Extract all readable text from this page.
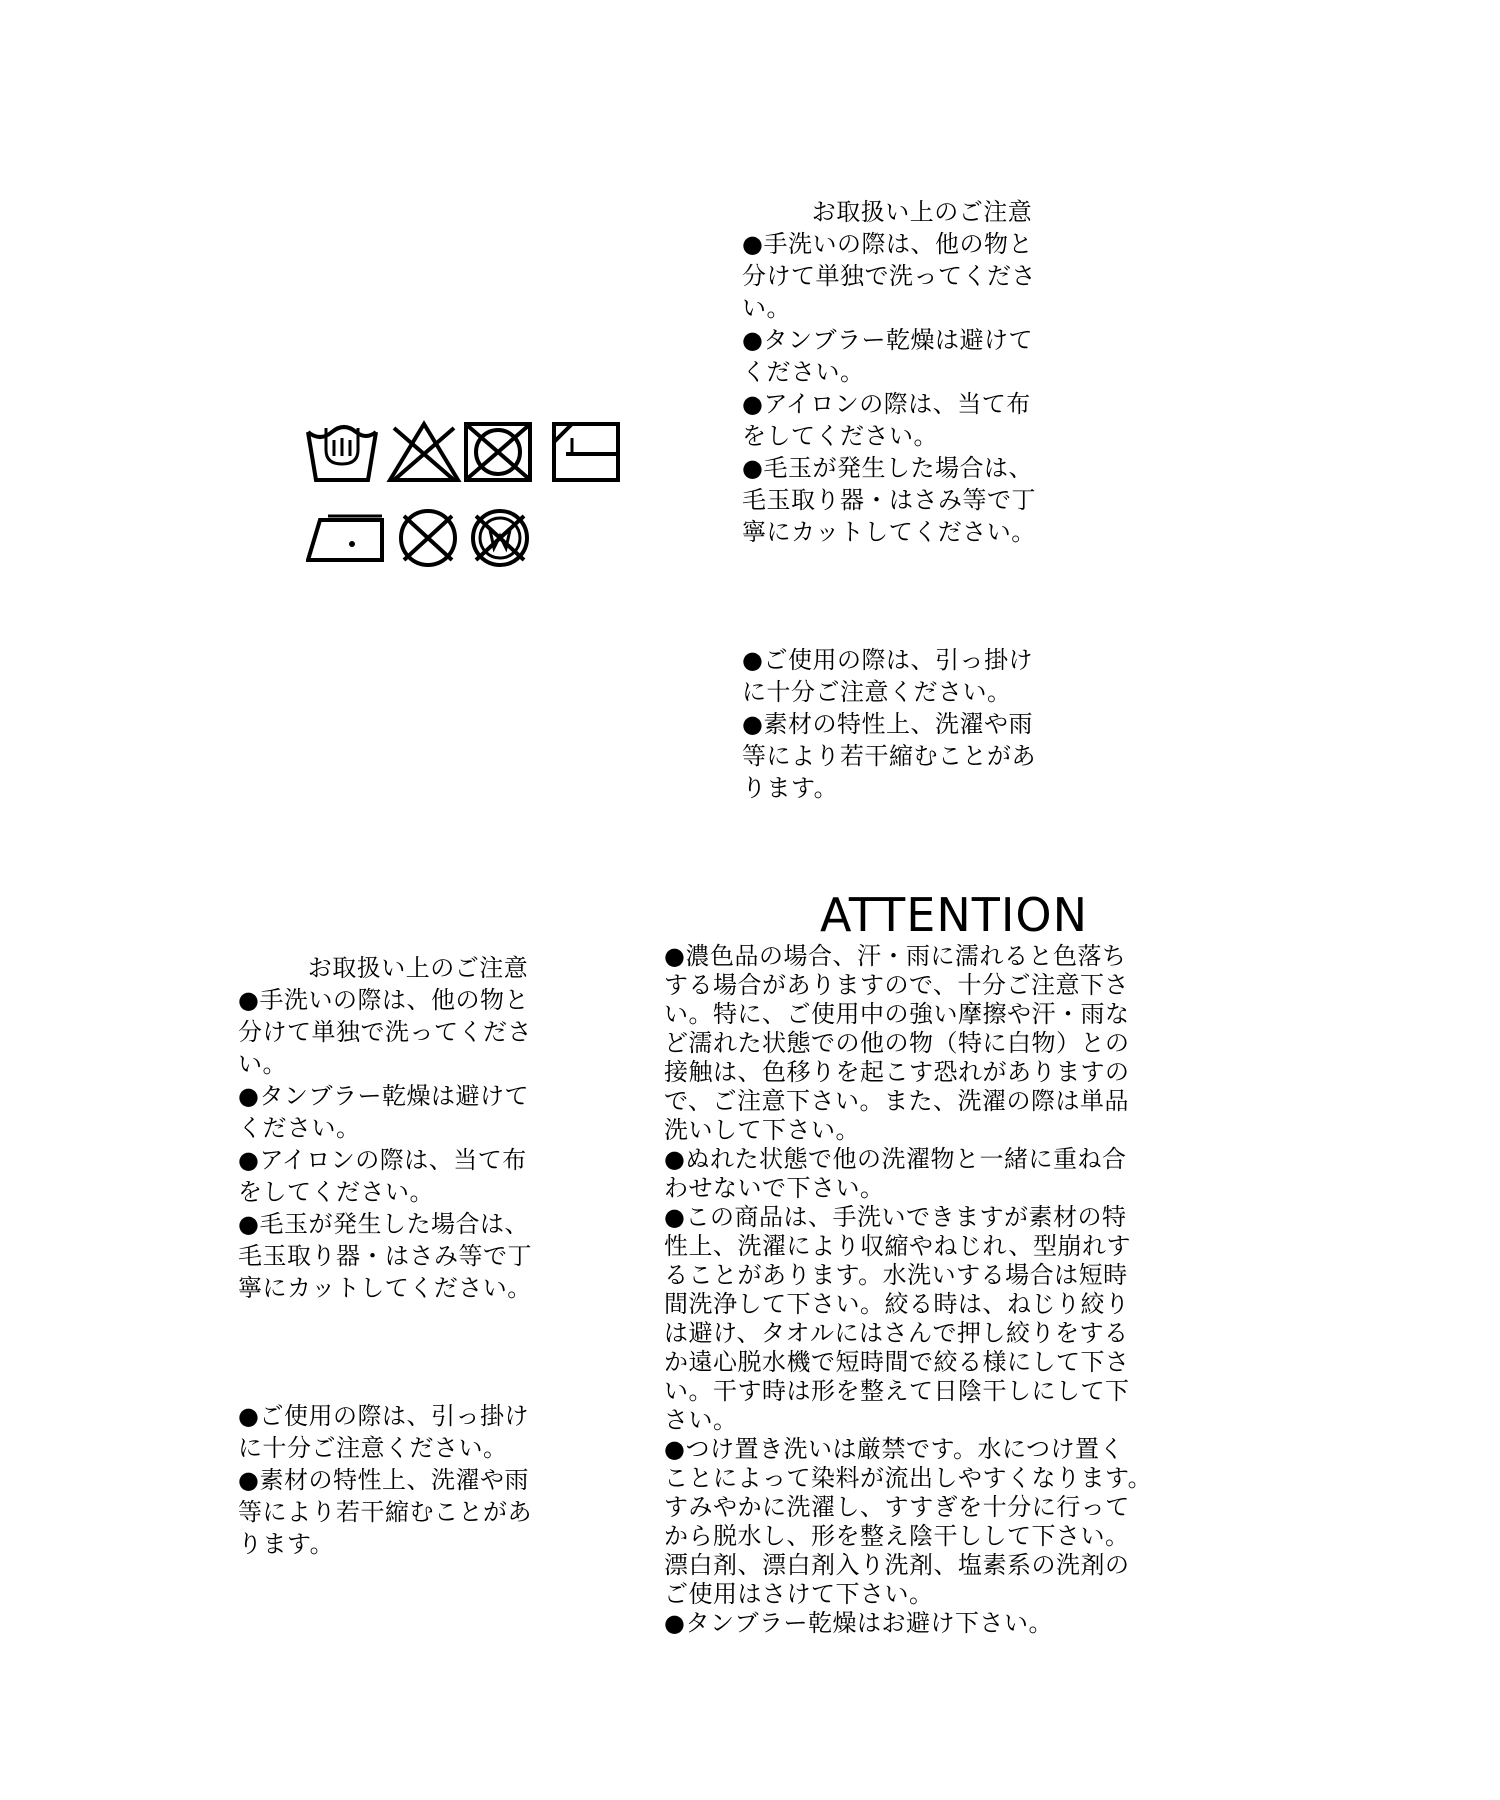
お取扱い上のご注意
●手洗いの際は、他の物と
分けて単独で洗ってくださ
い。
●タンブラー乾燥は避けて
ください。
●アイロンの際は、当て布
をしてください。
●毛玉が発生した場合は、
毛玉取り器・はさみ等で丁
寧にカットしてください。
●ご使用の際は、引っ掛け
に十分ご注意ください。
●素材の特性上、洗濯や雨
等により若干縮むことがあ
ります。
お取扱い上のご注意
●手洗いの際は、他の物と
分けて単独で洗ってくださ
い。
●タンブラー乾燥は避けて
ください。
●アイロンの際は、当て布
をしてください。
●毛玉が発生した場合は、
毛玉取り器・はさみ等で丁
寧にカットしてください。
●ご使用の際は、引っ掛け
に十分ご注意ください。
●素材の特性上、洗濯や雨
等により若干縮むことがあ
ります。
ATTENTION
●濃色品の場合、汗・雨に濡れると色落ち
する場合がありますので、十分ご注意下さ
い。特に、ご使用中の強い摩擦や汗・雨な
ど濡れた状態での他の物（特に白物）との
接触は、色移りを起こす恐れがありますの
で、ご注意下さい。また、洗濯の際は単品
洗いして下さい。
●ぬれた状態で他の洗濯物と一緒に重ね合
わせないで下さい。
●この商品は、手洗いできますが素材の特
性上、洗濯により収縮やねじれ、型崩れす
ることがあります。水洗いする場合は短時
間洗浄して下さい。絞る時は、ねじり絞り
は避け、タオルにはさんで押し絞りをする
か遠心脱水機で短時間で絞る様にして下さ
い。干す時は形を整えて日陰干しにして下
さい。
●つけ置き洗いは厳禁です。水につけ置く
ことによって染料が流出しやすくなります。
すみやかに洗濯し、すすぎを十分に行って
から脱水し、形を整え陰干しして下さい。
漂白剤、漂白剤入り洗剤、塩素系の洗剤の
ご使用はさけて下さい。
●タンブラー乾燥はお避け下さい。
